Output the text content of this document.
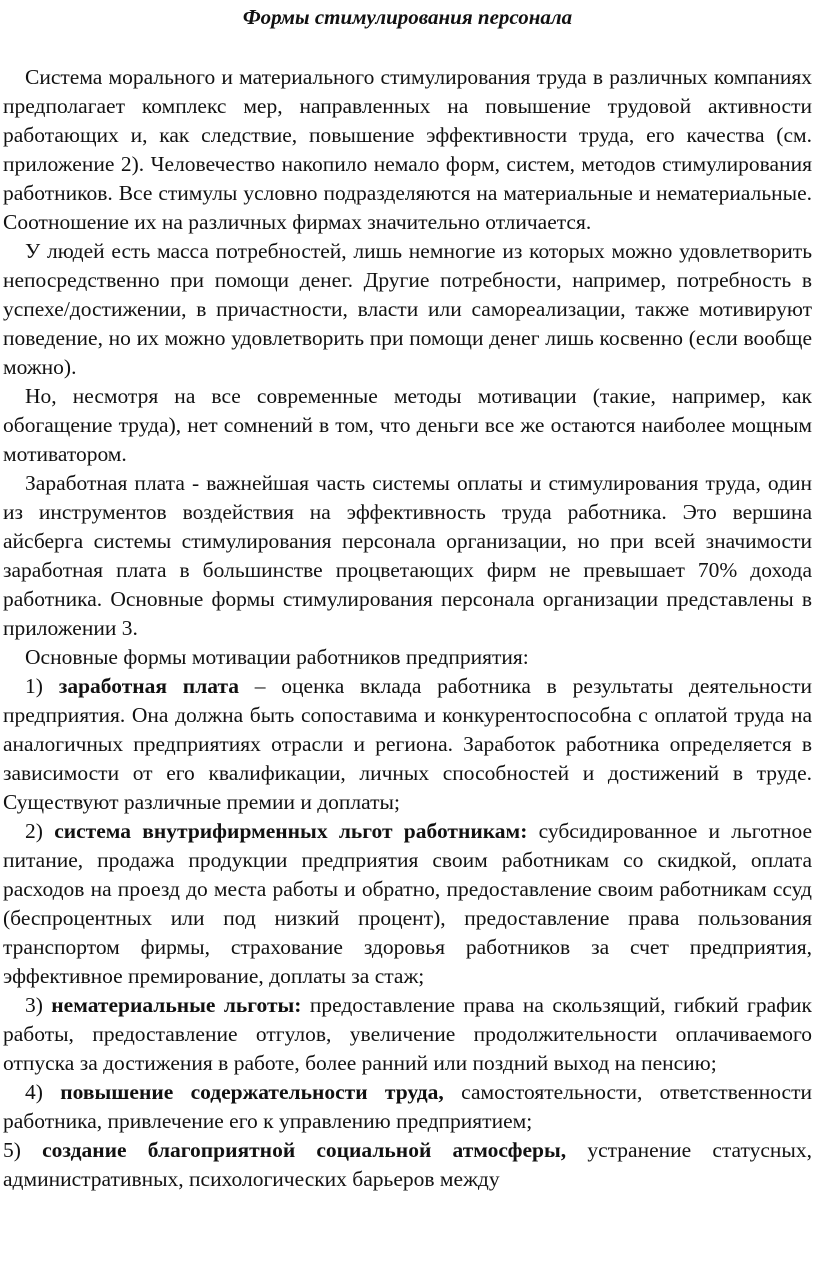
Формы стимулирования персонала

Система морального и материального стимулирования труда в различных компаниях предполагает комплекс мер, направленных на повышение трудовой активности работающих и, как следствие, повышение эффективности труда, его качества (см. приложение 2). Человечество накопило немало форм, систем, методов стимулирования работников. Все стимулы условно подразделяются на материальные и нематериальные. Соотношение их на различных фирмах значительно отличается.

У людей есть масса потребностей, лишь немногие из которых можно удовлетворить непосредственно при помощи денег. Другие потребности, например, потребность в успехе/достижении, в причастности, власти или самореализации, также мотивируют поведение, но их можно удовлетворить при помощи денег лишь косвенно (если вообще можно).

Но, несмотря на все современные методы мотивации (такие, например, как обогащение труда), нет сомнений в том, что деньги все же остаются наиболее мощным мотиватором.

Заработная плата - важнейшая часть системы оплаты и стимулирования труда, один из инструментов воздействия на эффективность труда работника. Это вершина айсберга системы стимулирования персонала организации, но при всей значимости заработная плата в большинстве процветающих фирм не превышает 70% дохода работника. Основные формы стимулирования персонала организации представлены в приложении 3.

Основные формы мотивации работников предприятия:

1) заработная плата – оценка вклада работника в результаты деятельности предприятия. Она должна быть сопоставима и конкурентоспособна с оплатой труда на аналогичных предприятиях отрасли и региона. Заработок работника определяется в зависимости от его квалификации, личных способностей и достижений в труде. Существуют различные премии и доплаты;

2) система внутрифирменных льгот работникам: субсидированное и льготное питание, продажа продукции предприятия своим работникам со скидкой, оплата расходов на проезд до места работы и обратно, предоставление своим работникам ссуд (беспроцентных или под низкий процент), предоставление права пользования транспортом фирмы, страхование здоровья работников за счет предприятия, эффективное премирование, доплаты за стаж;

3) нематериальные льготы: предоставление права на скользящий, гибкий график работы, предоставление отгулов, увеличение продолжительности оплачиваемого отпуска за достижения в работе, более ранний или поздний выход на пенсию;

4) повышение содержательности труда, самостоятельности, ответственности работника, привлечение его к управлению предприятием;

5) создание благоприятной социальной атмосферы, устранение статусных, административных, психологических барьеров между
